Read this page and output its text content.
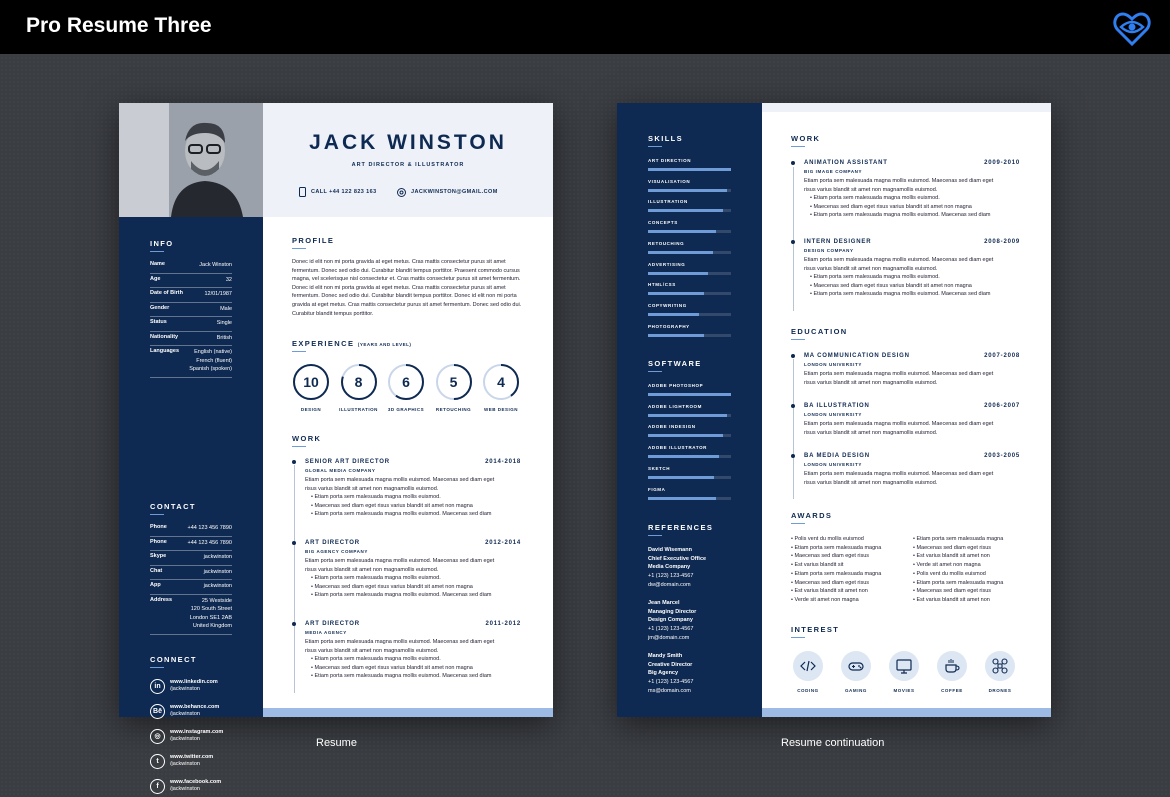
Pro Resume Three
INFO
Name	Jack Winston
Age	32
Date of Birth	12/01/1987
Gender	Male
Status	Single
Nationality	British
Languages	English (native)
French (fluent)
Spanish (spoken)
CONTACT
Phone	+44 123 456 7890
Phone	+44 123 456 7890
Skype	jackwinston
Chat	jackwinston
App	jackwinston
Address	25 Westside
120 South Street
London SE1 2AB
United Kingdom
CONNECT
in
www.linkedin.com
/jackwinston
Bē
www.behance.com
/jackwinston
◎
www.instagram.com
/jackwinston
t
www.twitter.com
/jackwinston
f
www.facebook.com
/jackwinston
JACK WINSTON
ART DIRECTOR & ILLUSTRATOR
CALL +44 122 823 163	JACKWINSTON@GMAIL.COM
PROFILE
Donec id elit non mi porta gravida at eget metus. Cras mattis consectetur purus sit amet fermentum. Donec sed odio dui. Curabitur blandit tempus porttitor. Praesent commodo cursus magna, vel scelerisque nisl consectetur et. Cras mattis consectetur purus sit amet fermentum. Donec id elit non mi porta gravida at eget metus. Cras mattis consectetur purus sit amet fermentum. Donec sed odio dui. Curabitur blandit tempus porttitor. Donec id elit non mi porta gravida at eget metus. Cras mattis consectetur purus sit amet fermentum. Donec sed odio dui. Curabitur blandit tempus porttitor.
EXPERIENCE (YEARS AND LEVEL)
10
DESIGN
8
ILLUSTRATION
6
3D GRAPHICS
5
RETOUCHING
4
WEB DESIGN
WORK
SENIOR ART DIRECTOR	2014-2018
GLOBAL MEDIA COMPANY
Etiam porta sem malesuada magna mollis euismod. Maecenas sed diam eget
risus varius blandit sit amet non magnamollis euismod.
• Etiam porta sem malesuada magna mollis euismod.
• Maecenas sed diam eget risus varius blandit sit amet non magna
• Etiam porta sem malesuada magna mollis euismod. Maecenas sed diam
ART DIRECTOR	2012-2014
BIG AGENCY COMPANY
Etiam porta sem malesuada magna mollis euismod. Maecenas sed diam eget
risus varius blandit sit amet non magnamollis euismod.
• Etiam porta sem malesuada magna mollis euismod.
• Maecenas sed diam eget risus varius blandit sit amet non magna
• Etiam porta sem malesuada magna mollis euismod. Maecenas sed diam
ART DIRECTOR	2011-2012
MEDIA AGENCY
Etiam porta sem malesuada magna mollis euismod. Maecenas sed diam eget
risus varius blandit sit amet non magnamollis euismod.
• Etiam porta sem malesuada magna mollis euismod.
• Maecenas sed diam eget risus varius blandit sit amet non magna
• Etiam porta sem malesuada magna mollis euismod. Maecenas sed diam
Resume
SKILLS
ART DIRECTION
VISUALISATION
ILLUSTRATION
CONCEPTS
RETOUCHING
ADVERTISING
HTML/CSS
COPYWRITING
PHOTOGRAPHY
SOFTWARE
ADOBE PHOTOSHOP
ADOBE LIGHTROOM
ADOBE INDESIGN
ADOBE ILLUSTRATOR
SKETCH
FIGMA
REFERENCES
David Wisemann
Chief Executive Office
Media Company
+1 (123) 123-4567
dw@domain.com
Jean Marcel
Managing Director
Design Company
+1 (123) 123-4567
jm@domain.com
Mandy Smith
Creative Director
Big Agency
+1 (123) 123-4567
ms@domain.com
WORK
ANIMATION ASSISTANT	2009-2010
BIG IMAGE COMPANY
Etiam porta sem malesuada magna mollis euismod. Maecenas sed diam eget
risus varius blandit sit amet non magnamollis euismod.
• Etiam porta sem malesuada magna mollis euismod.
• Maecenas sed diam eget risus varius blandit sit amet non magna
• Etiam porta sem malesuada magna mollis euismod. Maecenas sed diam
INTERN DESIGNER	2008-2009
DESIGN COMPANY
Etiam porta sem malesuada magna mollis euismod. Maecenas sed diam eget
risus varius blandit sit amet non magnamollis euismod.
• Etiam porta sem malesuada magna mollis euismod.
• Maecenas sed diam eget risus varius blandit sit amet non magna
• Etiam porta sem malesuada magna mollis euismod. Maecenas sed diam
EDUCATION
MA COMMUNICATION DESIGN	2007-2008
LONDON UNIVERSITY
Etiam porta sem malesuada magna mollis euismod. Maecenas sed diam eget
risus varius blandit sit amet non magnamollis euismod.
BA ILLUSTRATION	2006-2007
LONDON UNIVERSITY
Etiam porta sem malesuada magna mollis euismod. Maecenas sed diam eget
risus varius blandit sit amet non magnamollis euismod.
BA MEDIA DESIGN	2003-2005
LONDON UNIVERSITY
Etiam porta sem malesuada magna mollis euismod. Maecenas sed diam eget
risus varius blandit sit amet non magnamollis euismod.
AWARDS
• Polis vent du mollis euismod
• Etiam porta sem malesuada magna
• Maecenas sed diam eget risus
• Est varius blandit sit
• Etiam porta sem malesuada magna
• Maecenas sed diam eget risus
• Est varius blandit sit amet non
• Verde sit amet non magna
• Etiam porta sem malesuada magna
• Maecenas sed diam eget risus
• Est varius blandit sit amet non
• Verde sit amet non magna
• Polis vent du mollis euismod
• Etiam porta sem malesuada magna
• Maecenas sed diam eget risus
• Est varius blandit sit amet non
INTEREST
CODING	GAMING	MOVIES	COFFEE	DRONES
Resume continuation
